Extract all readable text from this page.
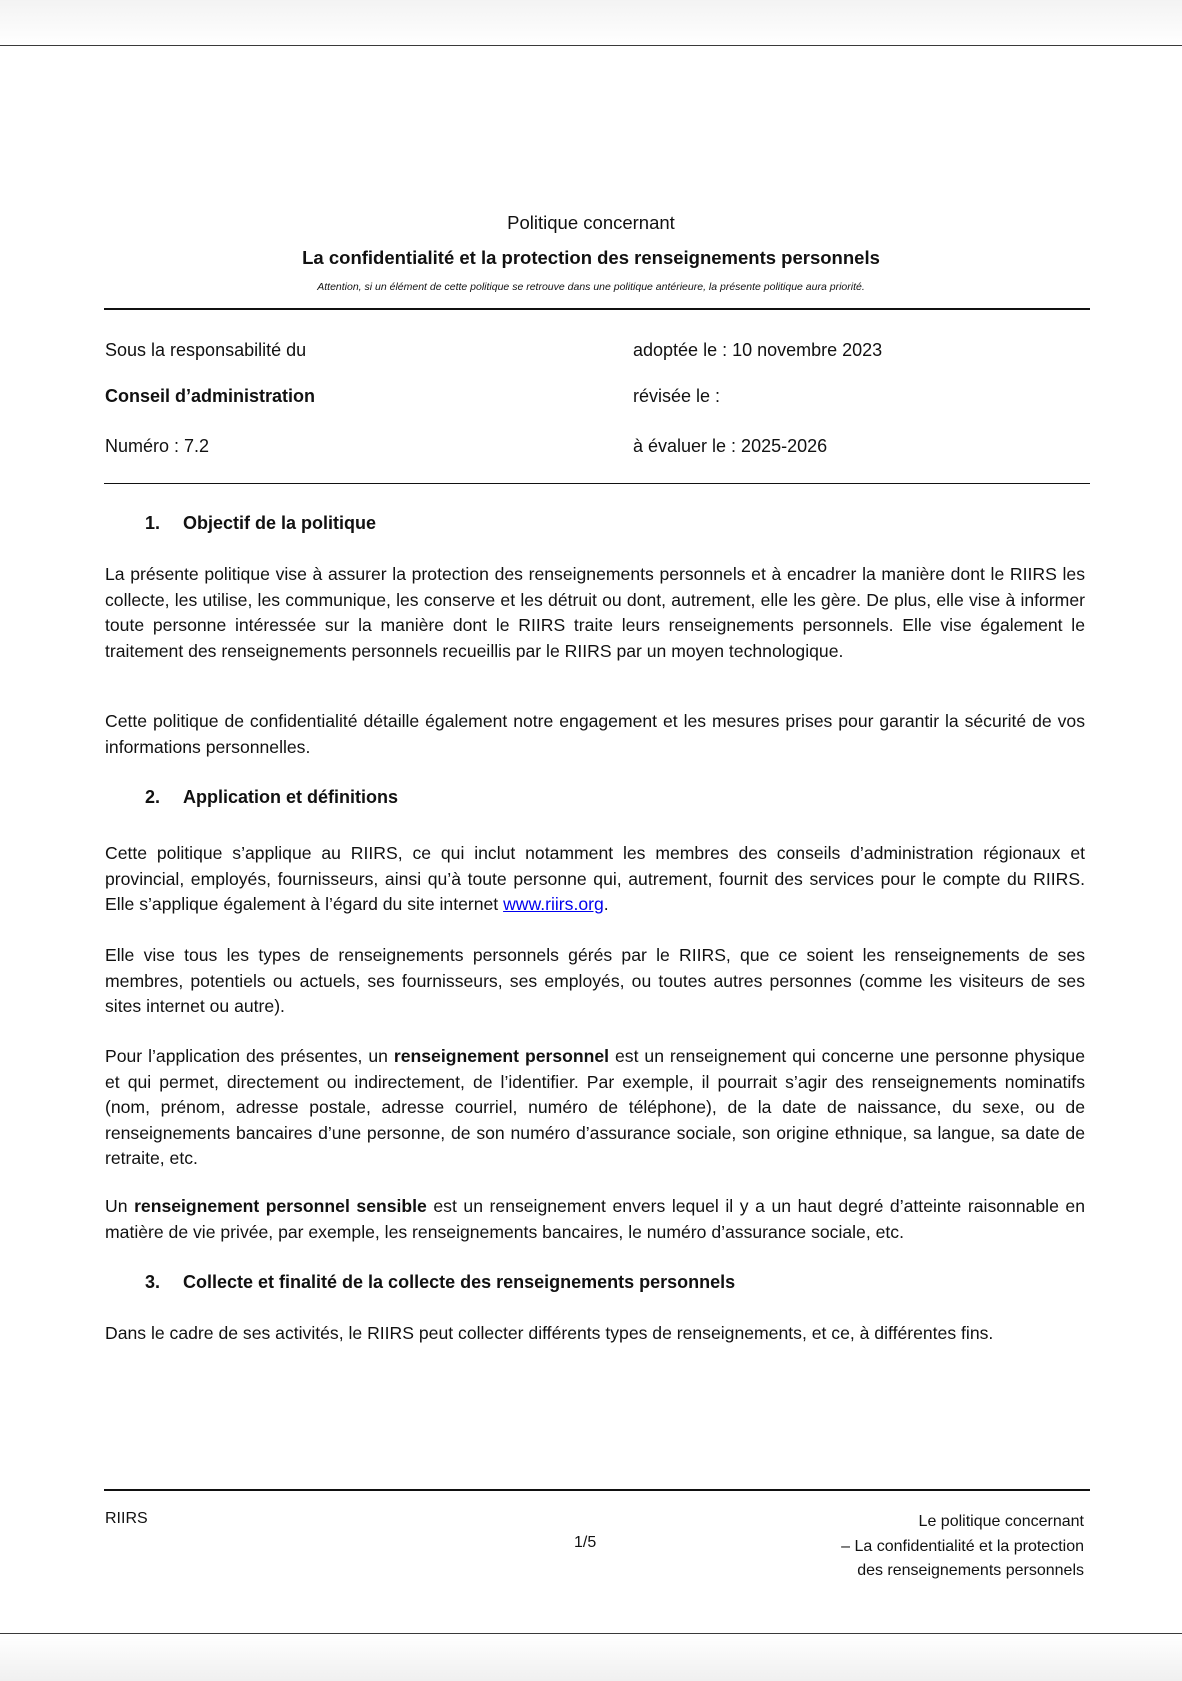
Politique concernant
La confidentialité et la protection des renseignements personnels
Attention, si un élément de cette politique se retrouve dans une politique antérieure, la présente politique aura priorité.
Sous la responsabilité du
Conseil d’administration
Numéro : 7.2
adoptée le : 10 novembre 2023
révisée le :
à évaluer le : 2025-2026
1. Objectif de la politique
La présente politique vise à assurer la protection des renseignements personnels et à encadrer la manière dont le RIIRS les collecte, les utilise, les communique, les conserve et les détruit ou dont, autrement, elle les gère. De plus, elle vise à informer toute personne intéressée sur la manière dont le RIIRS traite leurs renseignements personnels. Elle vise également le traitement des renseignements personnels recueillis par le RIIRS par un moyen technologique.
Cette politique de confidentialité détaille également notre engagement et les mesures prises pour garantir la sécurité de vos informations personnelles.
2. Application et définitions
Cette politique s’applique au RIIRS, ce qui inclut notamment les membres des conseils d’administration régionaux et provincial, employés, fournisseurs, ainsi qu’à toute personne qui, autrement, fournit des services pour le compte du RIIRS. Elle s’applique également à l’égard du site internet www.riirs.org.
Elle vise tous les types de renseignements personnels gérés par le RIIRS, que ce soient les renseignements de ses membres, potentiels ou actuels, ses fournisseurs, ses employés, ou toutes autres personnes (comme les visiteurs de ses sites internet ou autre).
Pour l’application des présentes, un renseignement personnel est un renseignement qui concerne une personne physique et qui permet, directement ou indirectement, de l’identifier. Par exemple, il pourrait s’agir des renseignements nominatifs (nom, prénom, adresse postale, adresse courriel, numéro de téléphone), de la date de naissance, du sexe, ou de renseignements bancaires d’une personne, de son numéro d’assurance sociale, son origine ethnique, sa langue, sa date de retraite, etc.
Un renseignement personnel sensible est un renseignement envers lequel il y a un haut degré d’atteinte raisonnable en matière de vie privée, par exemple, les renseignements bancaires, le numéro d’assurance sociale, etc.
3. Collecte et finalité de la collecte des renseignements personnels
Dans le cadre de ses activités, le RIIRS peut collecter différents types de renseignements, et ce, à différentes fins.
RIIRS
1/5
Le politique concernant
– La confidentialité et la protection
des renseignements personnels
